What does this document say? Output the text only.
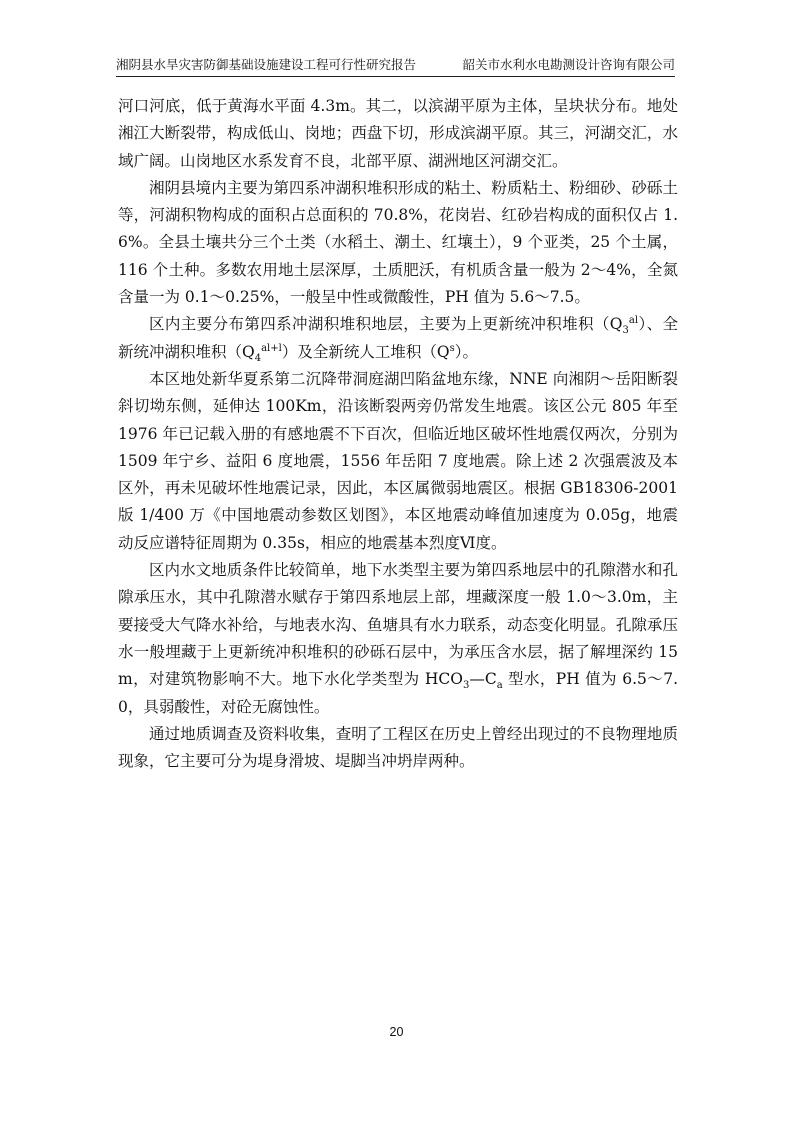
湘阴县水旱灾害防御基础设施建设工程可行性研究报告	韶关市水利水电勘测设计咨询有限公司

河口河底，低于黄海水平面 4.3m。其二，以滨湖平原为主体，呈块状分布。地处湘江大断裂带，构成低山、岗地；西盘下切，形成滨湖平原。其三，河湖交汇，水域广阔。山岗地区水系发育不良，北部平原、湖洲地区河湖交汇。

湘阴县境内主要为第四系冲湖积堆积形成的粘土、粉质粘土、粉细砂、砂砾土等，河湖积物构成的面积占总面积的 70.8%，花岗岩、红砂岩构成的面积仅占 1.6%。全县土壤共分三个土类（水稻土、潮土、红壤土），9 个亚类，25 个土属，116 个土种。多数农用地土层深厚，土质肥沃，有机质含量一般为 2～4%，全氮含量一为 0.1～0.25%，一般呈中性或微酸性，PH 值为 5.6～7.5。

区内主要分布第四系冲湖积堆积地层，主要为上更新统冲积堆积$(Q_3^{al})$、全新统冲湖积堆积$(Q_4^{al+l})$及全新统人工堆积$(Q^s)$。

本区地处新华夏系第二沉降带洞庭湖凹陷盆地东缘，NNE 向湘阴～岳阳断裂斜切坳东侧，延伸达 100Km，沿该断裂两旁仍常发生地震。该区公元 805 年至 1976 年已记载入册的有感地震不下百次，但临近地区破坏性地震仅两次，分别为 1509 年宁乡、益阳 6 度地震，1556 年岳阳 7 度地震。除上述 2 次强震波及本区外，再未见破坏性地震记录，因此，本区属微弱地震区。根据 GB18306-2001 版 1/400 万《中国地震动参数区划图》，本区地震动峰值加速度为 0.05g，地震动反应谱特征周期为 0.35s，相应的地震基本烈度Ⅵ度。

区内水文地质条件比较简单，地下水类型主要为第四系地层中的孔隙潜水和孔隙承压水，其中孔隙潜水赋存于第四系地层上部，埋藏深度一般 1.0～3.0m，主要接受大气降水补给，与地表水沟、鱼塘具有水力联系，动态变化明显。孔隙承压水一般埋藏于上更新统冲积堆积的砂砾石层中，为承压含水层，据了解埋深约 15m，对建筑物影响不大。地下水化学类型为 $HCO_3—C_a$ 型水，PH 值为 6.5～7.0，具弱酸性，对砼无腐蚀性。

通过地质调查及资料收集，查明了工程区在历史上曾经出现过的不良物理地质现象，它主要可分为堤身滑坡、堤脚当冲坍岸两种。

20
